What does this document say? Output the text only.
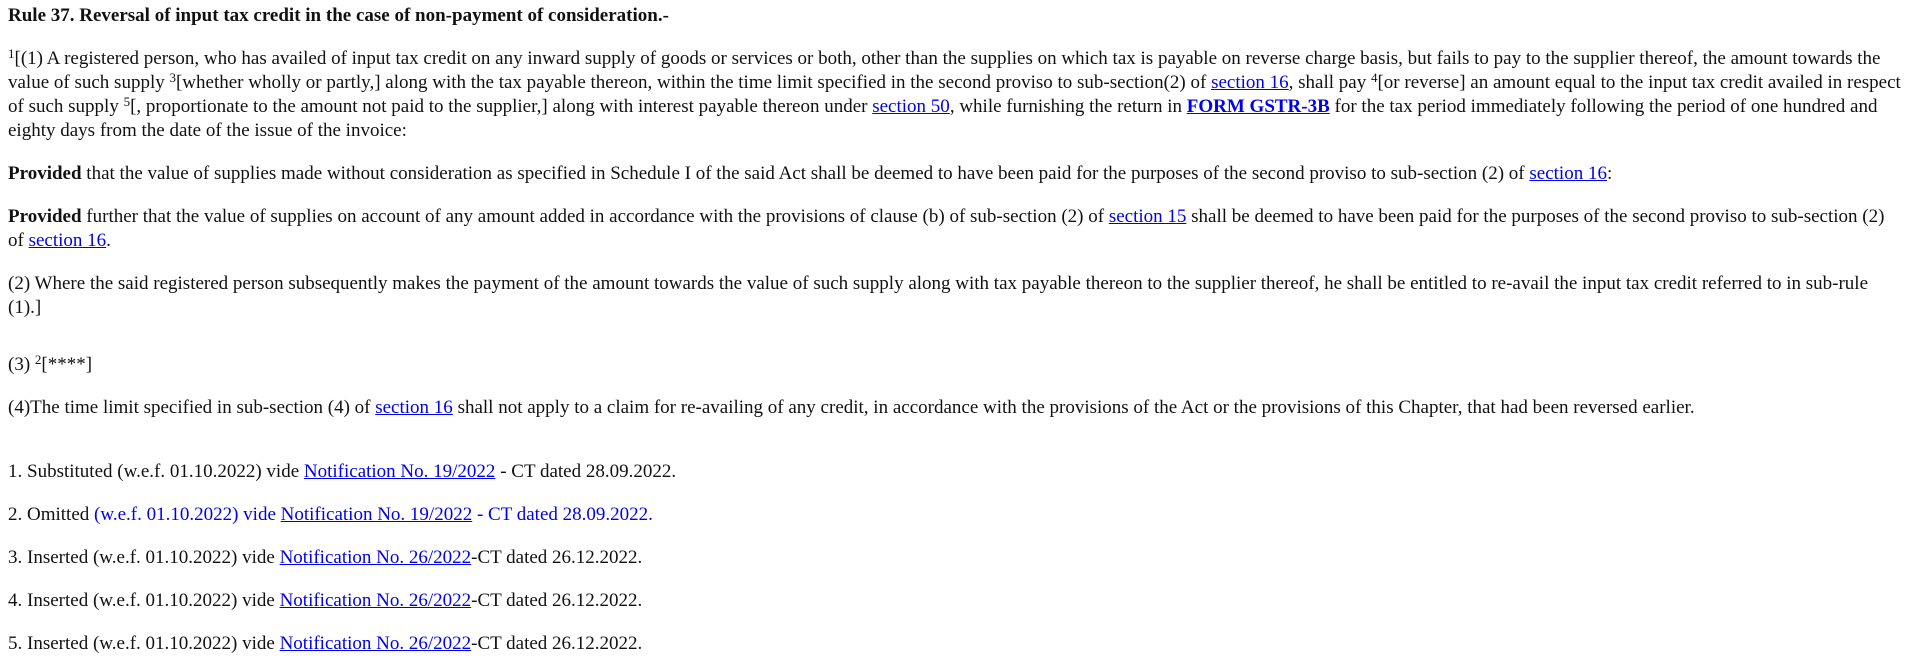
Rule 37. Reversal of input tax credit in the case of non-payment of consideration.-

$^1$[(1) A registered person, who has availed of input tax credit on any inward supply of goods or services or both, other than the supplies on which tax is payable on reverse charge basis, but fails to pay to the supplier thereof, the amount towards the value of such supply $^3$[whether wholly or partly,] along with the tax payable thereon, within the time limit specified in the second proviso to sub-section(2) of section 16, shall pay $^4$[or reverse] an amount equal to the input tax credit availed in respect of such supply $^5$[, proportionate to the amount not paid to the supplier,] along with interest payable thereon under section 50, while furnishing the return in FORM GSTR-3B for the tax period immediately following the period of one hundred and eighty days from the date of the issue of the invoice:

Provided that the value of supplies made without consideration as specified in Schedule I of the said Act shall be deemed to have been paid for the purposes of the second proviso to sub-section (2) of section 16:

Provided further that the value of supplies on account of any amount added in accordance with the provisions of clause (b) of sub-section (2) of section 15 shall be deemed to have been paid for the purposes of the second proviso to sub-section (2) of section 16.

(2) Where the said registered person subsequently makes the payment of the amount towards the value of such supply along with tax payable thereon to the supplier thereof, he shall be entitled to re-avail the input tax credit referred to in sub-rule (1).]

(3) $^2$[****]

(4)The time limit specified in sub-section (4) of section 16 shall not apply to a claim for re-availing of any credit, in accordance with the provisions of the Act or the provisions of this Chapter, that had been reversed earlier.

1. Substituted (w.e.f. 01.10.2022) vide Notification No. 19/2022 - CT dated 28.09.2022.

2. Omitted (w.e.f. 01.10.2022) vide Notification No. 19/2022 - CT dated 28.09.2022.

3. Inserted (w.e.f. 01.10.2022) vide Notification No. 26/2022-CT dated 26.12.2022.

4. Inserted (w.e.f. 01.10.2022) vide Notification No. 26/2022-CT dated 26.12.2022.

5. Inserted (w.e.f. 01.10.2022) vide Notification No. 26/2022-CT dated 26.12.2022.
